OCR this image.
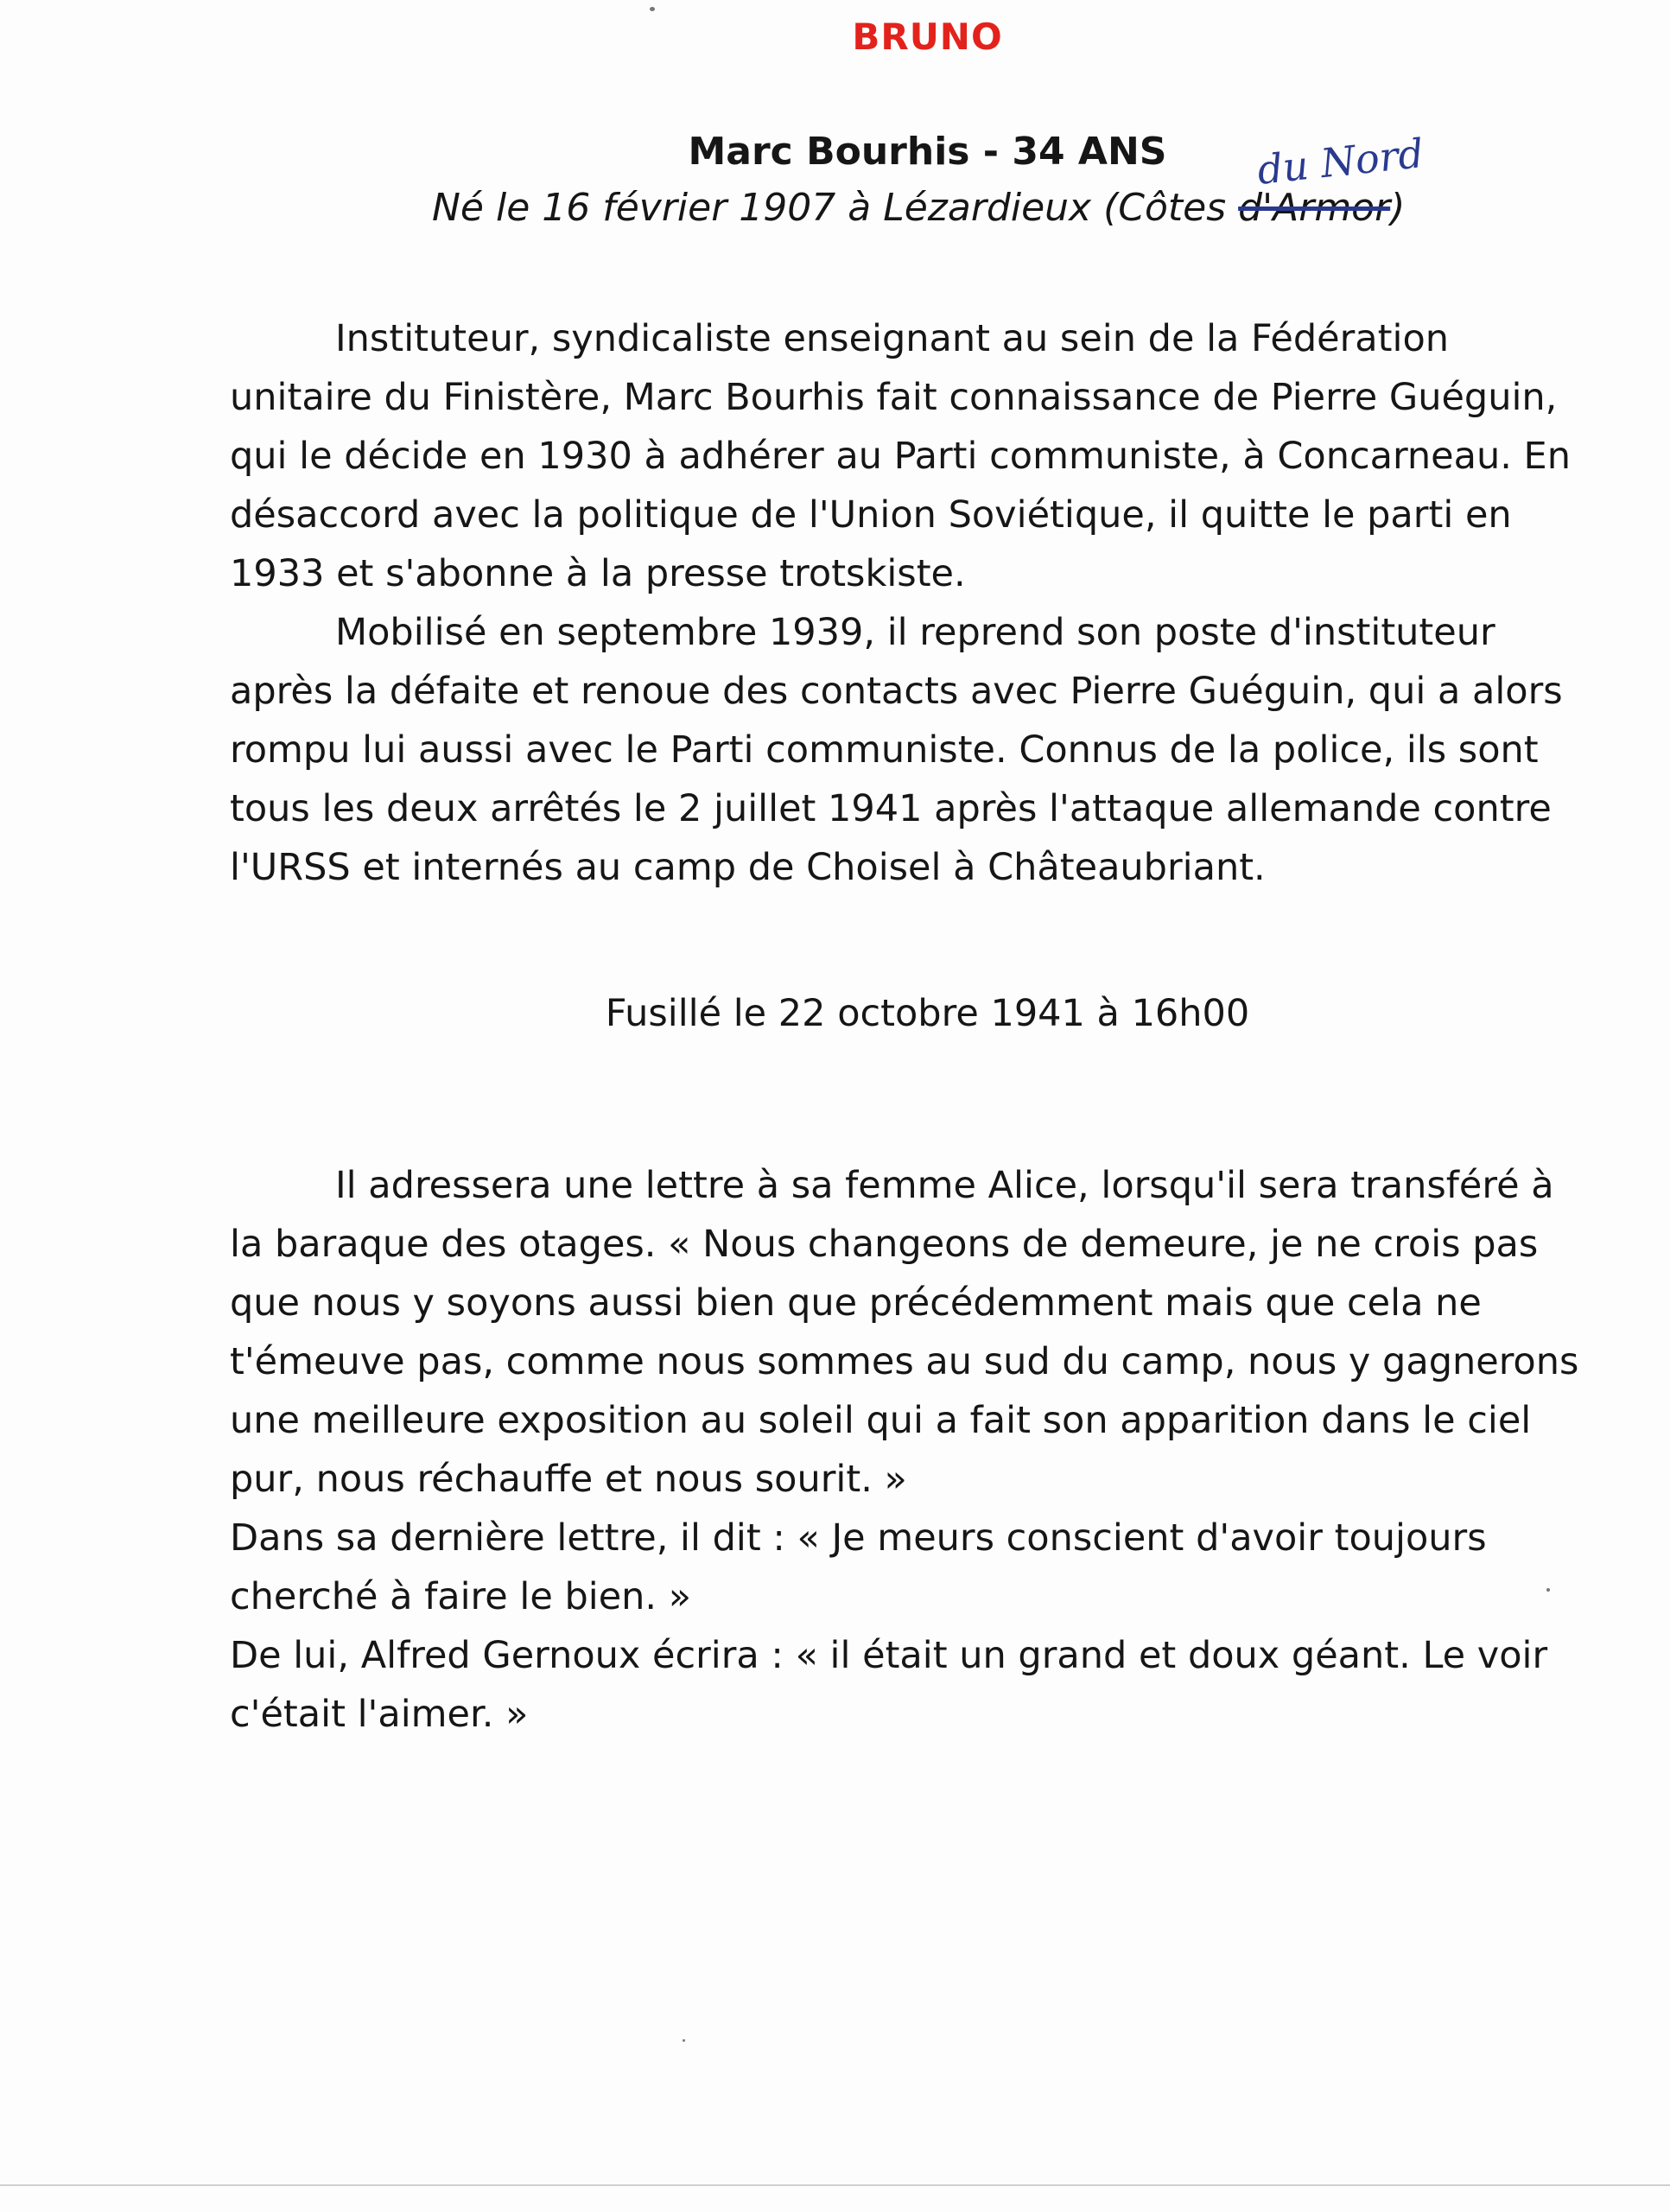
BRUNO
Marc Bourhis - 34 ANS
Né le 16 février 1907 à Lézardieux (Côtes d'Armor)
du Nord

Instituteur, syndicaliste enseignant au sein de la Fédération unitaire du Finistère, Marc Bourhis fait connaissance de Pierre Guéguin, qui le décide en 1930 à adhérer au Parti communiste, à Concarneau. En désaccord avec la politique de l'Union Soviétique, il quitte le parti en 1933 et s'abonne à la presse trotskiste.

Mobilisé en septembre 1939, il reprend son poste d'instituteur après la défaite et renoue des contacts avec Pierre Guéguin, qui a alors rompu lui aussi avec le Parti communiste. Connus de la police, ils sont tous les deux arrêtés le 2 juillet 1941 après l'attaque allemande contre l'URSS et internés au camp de Choisel à Châteaubriant.

Fusillé le 22 octobre 1941 à 16h00

Il adressera une lettre à sa femme Alice, lorsqu'il sera transféré à la baraque des otages. « Nous changeons de demeure, je ne crois pas que nous y soyons aussi bien que précédemment mais que cela ne t'émeuve pas, comme nous sommes au sud du camp, nous y gagnerons une meilleure exposition au soleil qui a fait son apparition dans le ciel pur, nous réchauffe et nous sourit. »

Dans sa dernière lettre, il dit : « Je meurs conscient d'avoir toujours cherché à faire le bien. »

De lui, Alfred Gernoux écrira : « il était un grand et doux géant. Le voir c'était l'aimer. »
